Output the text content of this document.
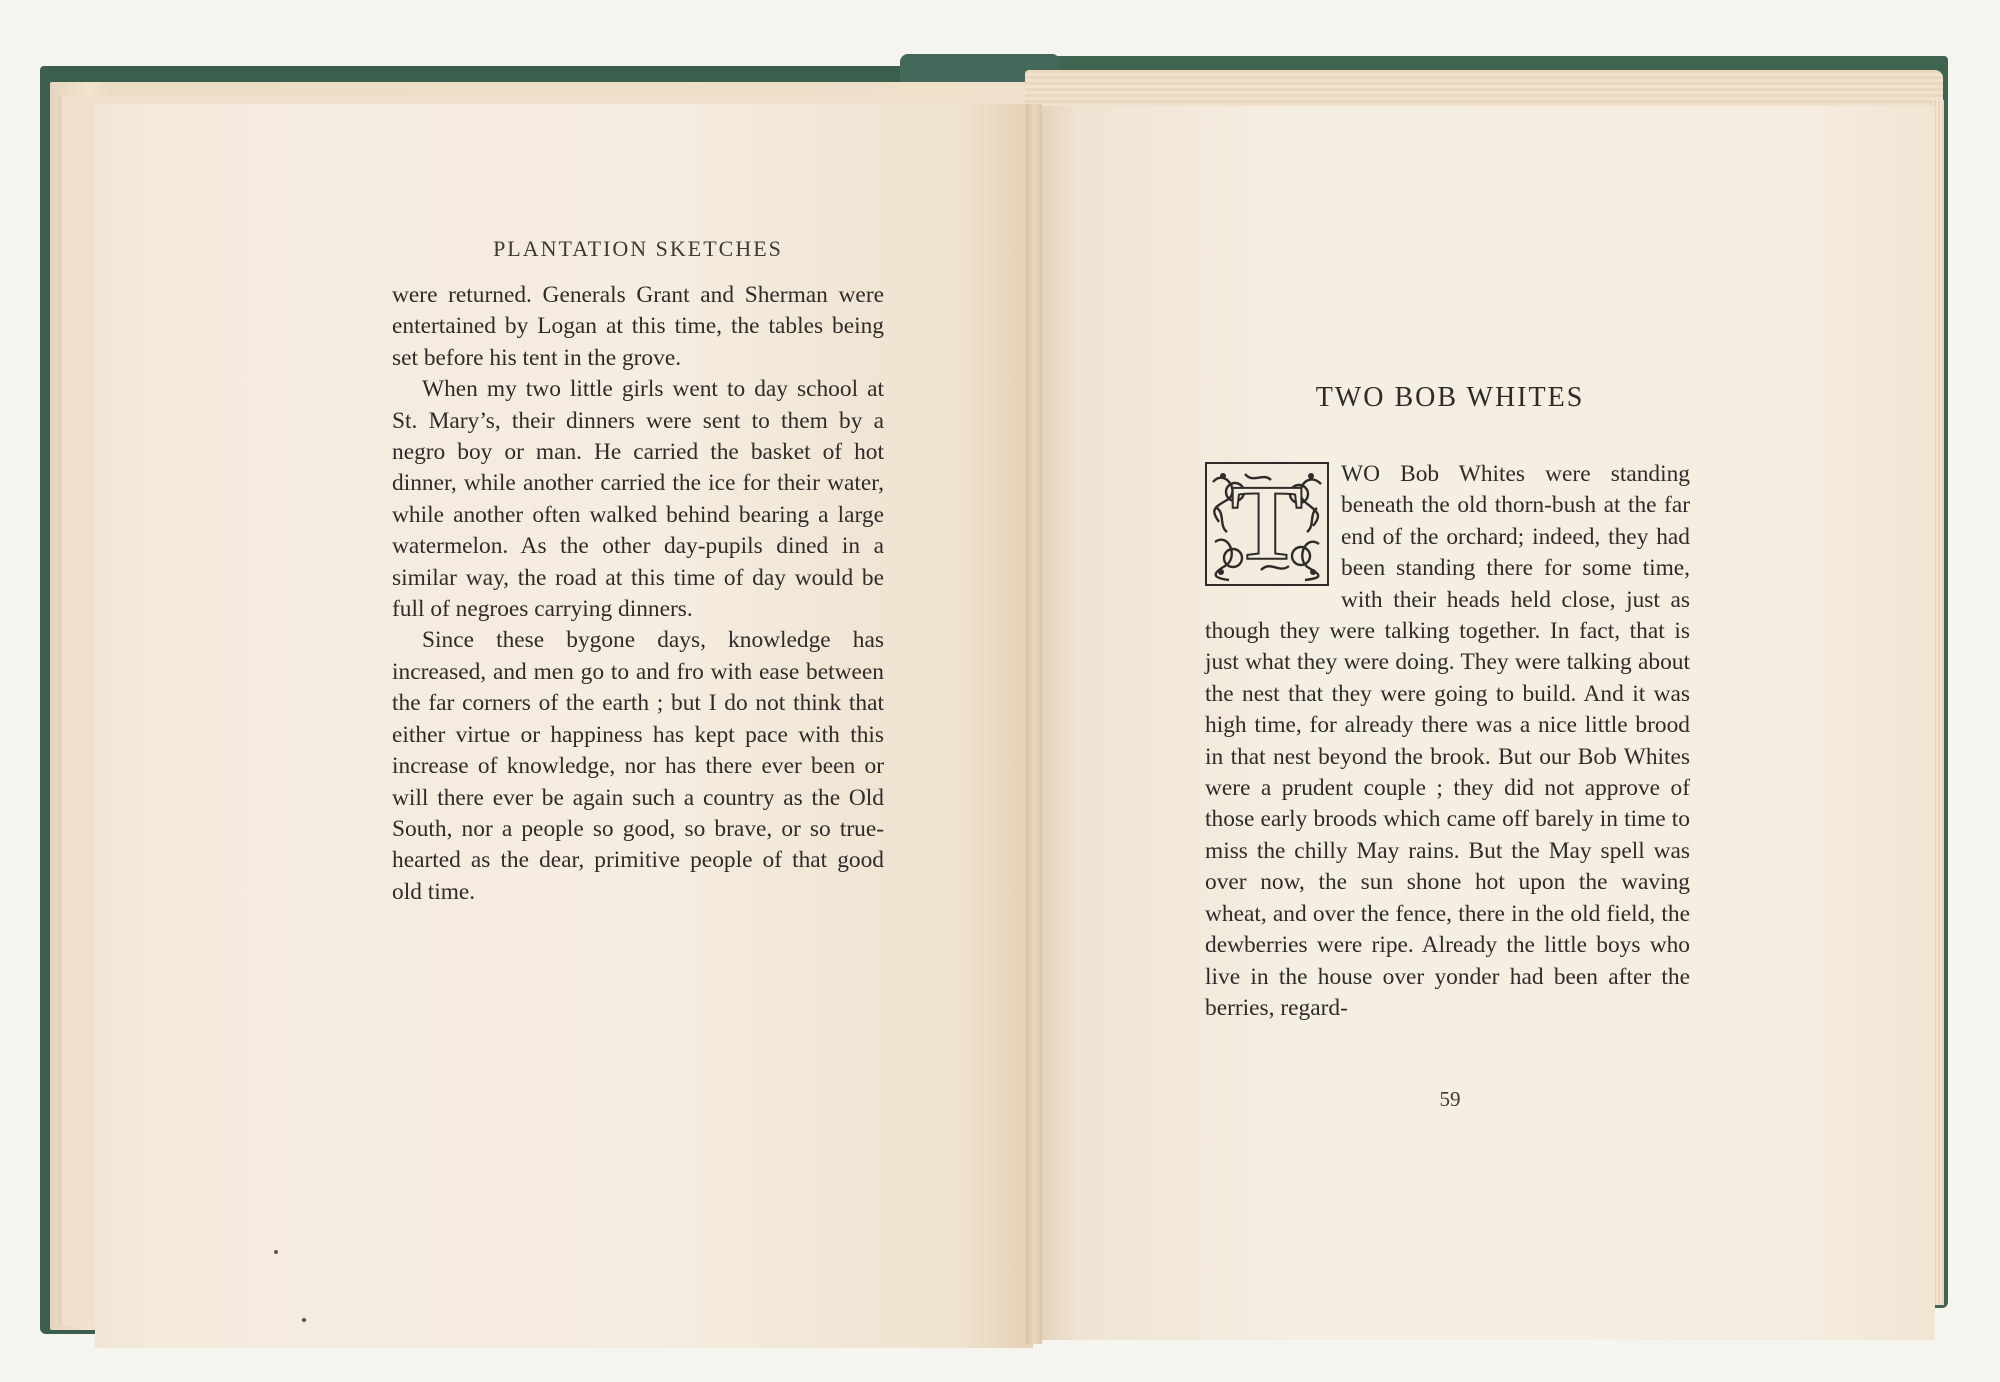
PLANTATION SKETCHES

were returned. Generals Grant and Sherman were entertained by Logan at this time, the tables being set before his tent in the grove.

When my two little girls went to day school at St. Mary’s, their dinners were sent to them by a negro boy or man. He carried the basket of hot dinner, while another carried the ice for their water, while another often walked behind bearing a large watermelon. As the other day-pupils dined in a similar way, the road at this time of day would be full of negroes carrying dinners.

Since these bygone days, knowledge has increased, and men go to and fro with ease between the far corners of the earth ; but I do not think that either virtue or happiness has kept pace with this increase of knowledge, nor has there ever been or will there ever be again such a country as the Old South, nor a people so good, so brave, or so true-hearted as the dear, primitive people of that good old time.

TWO BOB WHITES
T	WO Bob Whites were standing beneath the old thorn-bush at the far end of the orchard; indeed, they had been standing there for some time, with their heads held close, just as though they were talking together. In fact, that is just what they were doing. They were talking about the nest that they were going to build. And it was high time, for already there was a nice little brood in that nest beyond the brook. But our Bob Whites were a prudent couple ; they did not approve of those early broods which came off barely in time to miss the chilly May rains. But the May spell was over now, the sun shone hot upon the waving wheat, and over the fence, there in the old field, the dewberries were ripe. Already the little boys who live in the house over yonder had been after the berries, regard-

59
